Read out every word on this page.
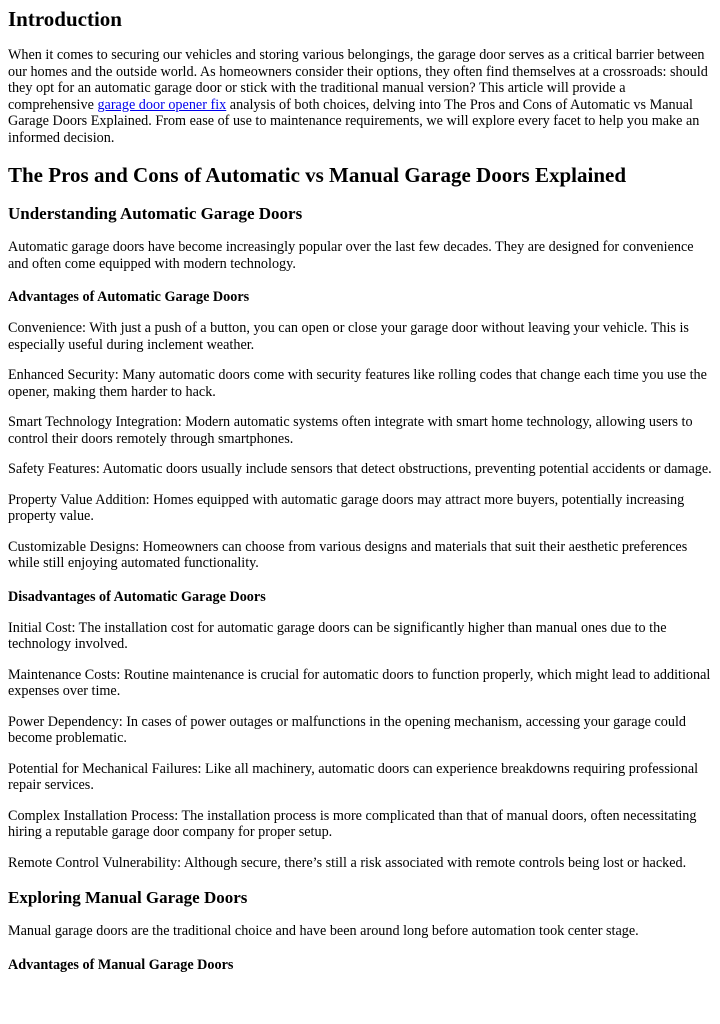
Introduction

When it comes to securing our vehicles and storing various belongings, the garage door serves as a critical barrier between our homes and the outside world. As homeowners consider their options, they often find themselves at a crossroads: should they opt for an automatic garage door or stick with the traditional manual version? This article will provide a comprehensive garage door opener fix analysis of both choices, delving into The Pros and Cons of Automatic vs Manual Garage Doors Explained. From ease of use to maintenance requirements, we will explore every facet to help you make an informed decision.

The Pros and Cons of Automatic vs Manual Garage Doors Explained
Understanding Automatic Garage Doors

Automatic garage doors have become increasingly popular over the last few decades. They are designed for convenience and often come equipped with modern technology.

Advantages of Automatic Garage Doors

Convenience: With just a push of a button, you can open or close your garage door without leaving your vehicle. This is especially useful during inclement weather.

Enhanced Security: Many automatic doors come with security features like rolling codes that change each time you use the opener, making them harder to hack.

Smart Technology Integration: Modern automatic systems often integrate with smart home technology, allowing users to control their doors remotely through smartphones.

Safety Features: Automatic doors usually include sensors that detect obstructions, preventing potential accidents or damage.

Property Value Addition: Homes equipped with automatic garage doors may attract more buyers, potentially increasing property value.

Customizable Designs: Homeowners can choose from various designs and materials that suit their aesthetic preferences while still enjoying automated functionality.

Disadvantages of Automatic Garage Doors

Initial Cost: The installation cost for automatic garage doors can be significantly higher than manual ones due to the technology involved.

Maintenance Costs: Routine maintenance is crucial for automatic doors to function properly, which might lead to additional expenses over time.

Power Dependency: In cases of power outages or malfunctions in the opening mechanism, accessing your garage could become problematic.

Potential for Mechanical Failures: Like all machinery, automatic doors can experience breakdowns requiring professional repair services.

Complex Installation Process: The installation process is more complicated than that of manual doors, often necessitating hiring a reputable garage door company for proper setup.

Remote Control Vulnerability: Although secure, there’s still a risk associated with remote controls being lost or hacked.

Exploring Manual Garage Doors

Manual garage doors are the traditional choice and have been around long before automation took center stage.

Advantages of Manual Garage Doors
